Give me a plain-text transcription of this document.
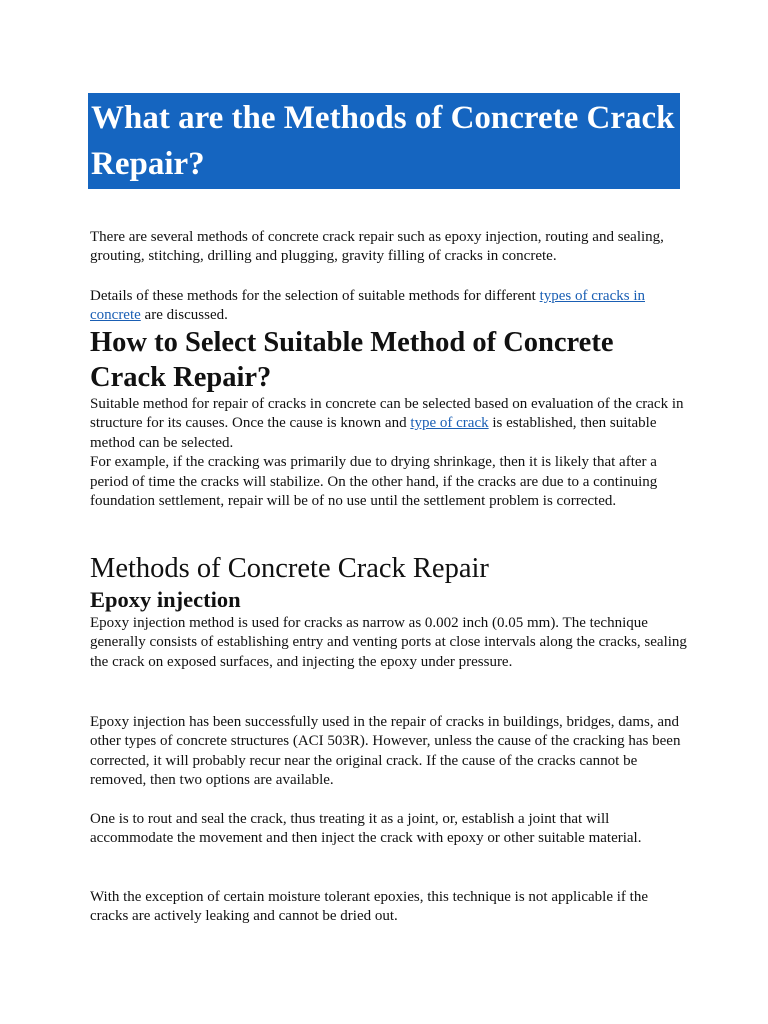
What are the Methods of Concrete Crack Repair?

There are several methods of concrete crack repair such as epoxy injection, routing and sealing, grouting, stitching, drilling and plugging, gravity filling of cracks in concrete.

Details of these methods for the selection of suitable methods for different types of cracks in concrete are discussed.

How to Select Suitable Method of Concrete Crack Repair?

Suitable method for repair of cracks in concrete can be selected based on evaluation of the crack in structure for its causes. Once the cause is known and type of crack is established, then suitable method can be selected.

For example, if the cracking was primarily due to drying shrinkage, then it is likely that after a period of time the cracks will stabilize. On the other hand, if the cracks are due to a continuing foundation settlement, repair will be of no use until the settlement problem is corrected.

Methods of Concrete Crack Repair
Epoxy injection

Epoxy injection method is used for cracks as narrow as 0.002 inch (0.05 mm). The technique generally consists of establishing entry and venting ports at close intervals along the cracks, sealing the crack on exposed surfaces, and injecting the epoxy under pressure.

Epoxy injection has been successfully used in the repair of cracks in buildings, bridges, dams, and other types of concrete structures (ACI 503R). However, unless the cause of the cracking has been corrected, it will probably recur near the original crack. If the cause of the cracks cannot be removed, then two options are available.

One is to rout and seal the crack, thus treating it as a joint, or, establish a joint that will accommodate the movement and then inject the crack with epoxy or other suitable material.

With the exception of certain moisture tolerant epoxies, this technique is not applicable if the cracks are actively leaking and cannot be dried out.
